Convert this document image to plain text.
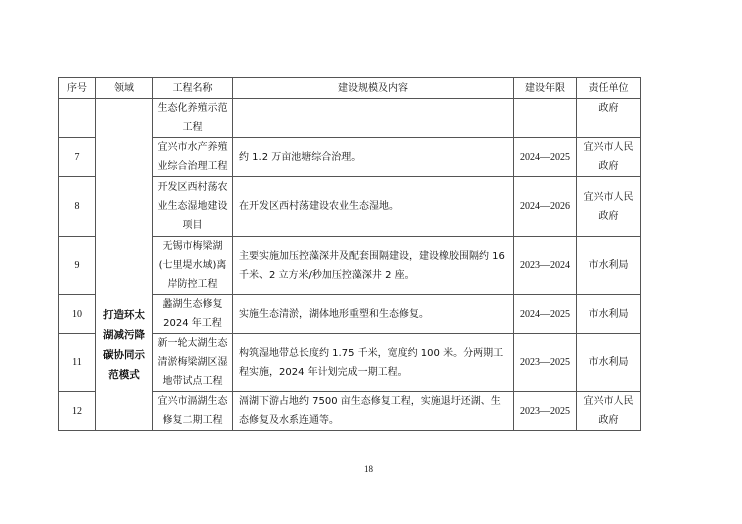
序号	领域	工程名称	建设规模及内容	建设年限	责任单位
	打造环太湖减污降碳协同示范模式	生态化养殖示范工程			政府
7		宜兴市水产养殖业综合治理工程	约 1.2 万亩池塘综合治理。	2024—2025	宜兴市人民政府
8		开发区西村荡农业生态湿地建设项目	在开发区西村荡建设农业生态湿地。	2024—2026	宜兴市人民政府
9		无锡市梅梁湖(七里堤水域)离岸防控工程	主要实施加压控藻深井及配套围隔建设，建设橡胶围隔约 16 千米、2 立方米/秒加压控藻深井 2 座。	2023—2024	市水利局
10		蠡湖生态修复 2024 年工程	实施生态清淤，湖体地形重塑和生态修复。	2024—2025	市水利局
11		新一轮太湖生态清淤梅梁湖区湿地带试点工程	构筑湿地带总长度约 1.75 千米，宽度约 100 米。分两期工程实施，2024 年计划完成一期工程。	2023—2025	市水利局
12		宜兴市滆湖生态修复二期工程	滆湖下游占地约 7500 亩生态修复工程，实施退圩还湖、生态修复及水系连通等。	2023—2025	宜兴市人民政府
18
